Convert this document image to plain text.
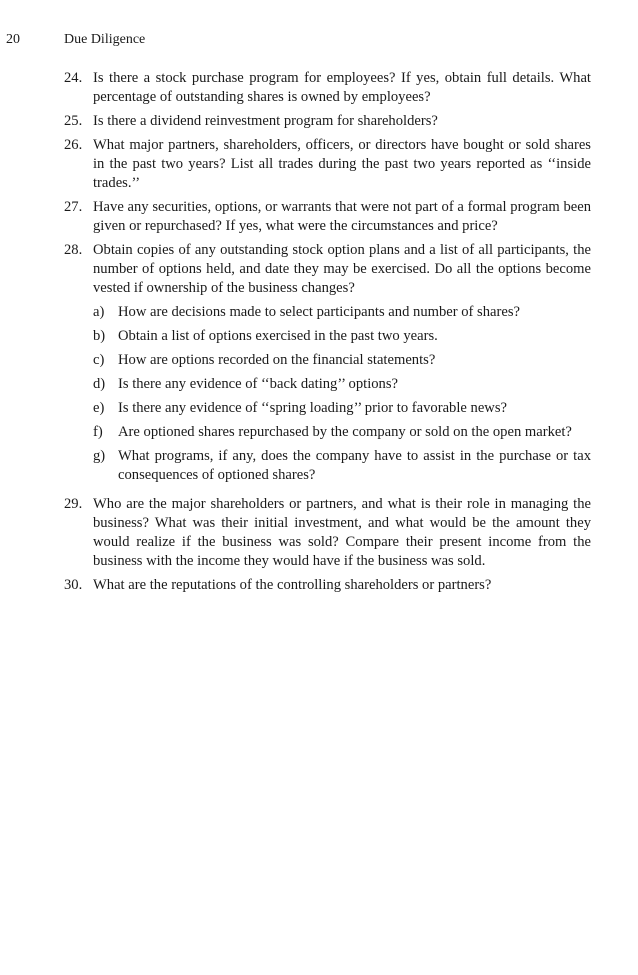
20	Due Diligence
24. Is there a stock purchase program for employees? If yes, obtain full details. What percentage of outstanding shares is owned by employees?
25. Is there a dividend reinvestment program for shareholders?
26. What major partners, shareholders, officers, or directors have bought or sold shares in the past two years? List all trades during the past two years reported as ‘‘inside trades.’’
27. Have any securities, options, or warrants that were not part of a formal program been given or repurchased? If yes, what were the circumstances and price?
28. Obtain copies of any outstanding stock option plans and a list of all participants, the number of options held, and date they may be exercised. Do all the options become vested if ownership of the business changes?
a) How are decisions made to select participants and number of shares?
b) Obtain a list of options exercised in the past two years.
c) How are options recorded on the financial statements?
d) Is there any evidence of ‘‘back dating’’ options?
e) Is there any evidence of ‘‘spring loading’’ prior to favorable news?
f)	Are optioned shares repurchased by the company or sold on the open market?
g) What programs, if any, does the company have to assist in the purchase or tax consequences of optioned shares?
29. Who are the major shareholders or partners, and what is their role in managing the business? What was their initial investment, and what would be the amount they would realize if the business was sold? Compare their present income from the business with the income they would have if the business was sold.
30. What are the reputations of the controlling shareholders or partners?
